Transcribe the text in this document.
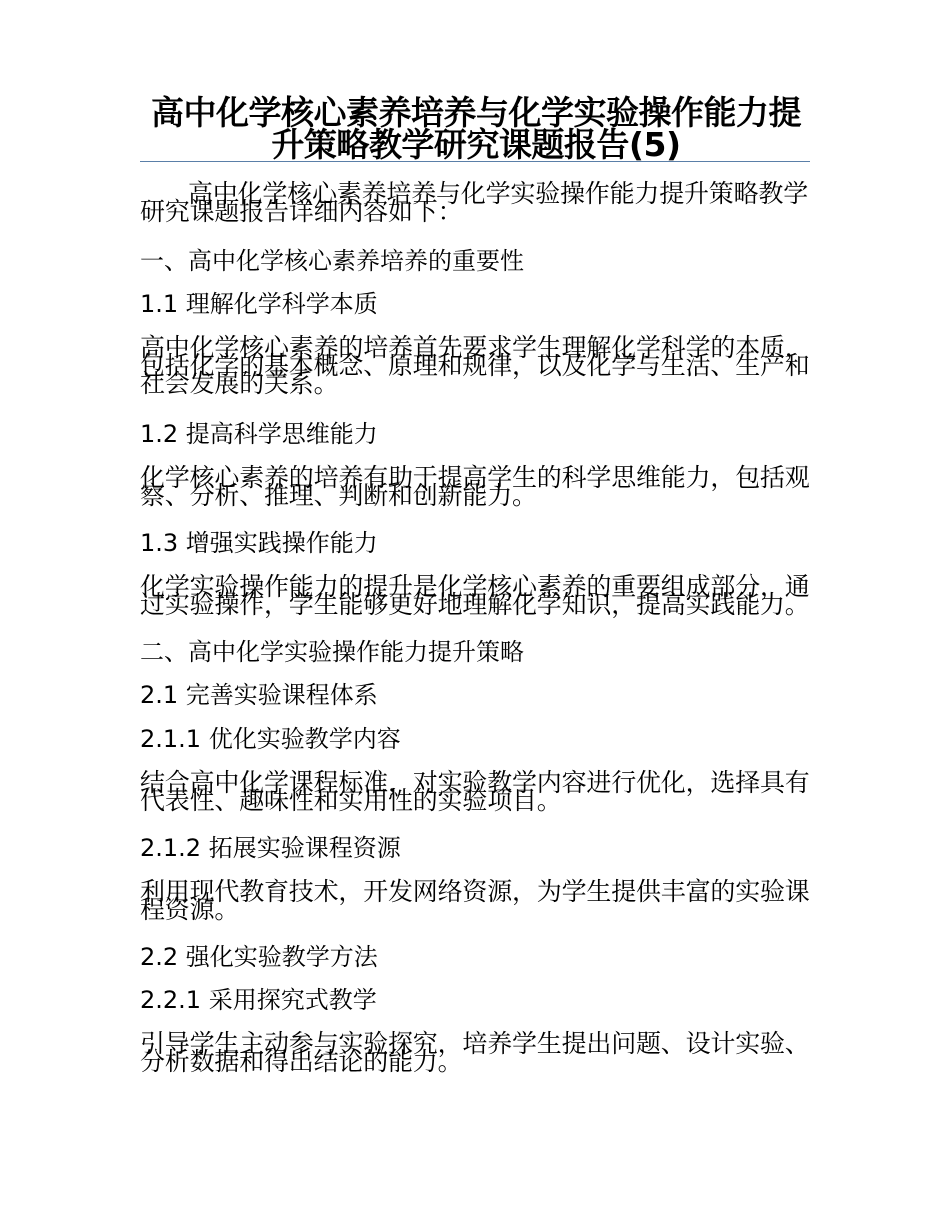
高中化学核心素养培养与化学实验操作能力提升策略教学研究课题报告(5)

高中化学核心素养培养与化学实验操作能力提升策略教学研究课题报告详细内容如下：

一、高中化学核心素养培养的重要性

1.1 理解化学科学本质

高中化学核心素养的培养首先要求学生理解化学科学的本质，包括化学的基本概念、原理和规律，以及化学与生活、生产和社会发展的关系。

1.2 提高科学思维能力

化学核心素养的培养有助于提高学生的科学思维能力，包括观察、分析、推理、判断和创新能力。

1.3 增强实践操作能力

化学实验操作能力的提升是化学核心素养的重要组成部分，通过实验操作，学生能够更好地理解化学知识，提高实践能力。

二、高中化学实验操作能力提升策略

2.1 完善实验课程体系

2.1.1 优化实验教学内容

结合高中化学课程标准，对实验教学内容进行优化，选择具有代表性、趣味性和实用性的实验项目。

2.1.2 拓展实验课程资源

利用现代教育技术，开发网络资源，为学生提供丰富的实验课程资源。

2.2 强化实验教学方法

2.2.1 采用探究式教学

引导学生主动参与实验探究，培养学生提出问题、设计实验、分析数据和得出结论的能力。
